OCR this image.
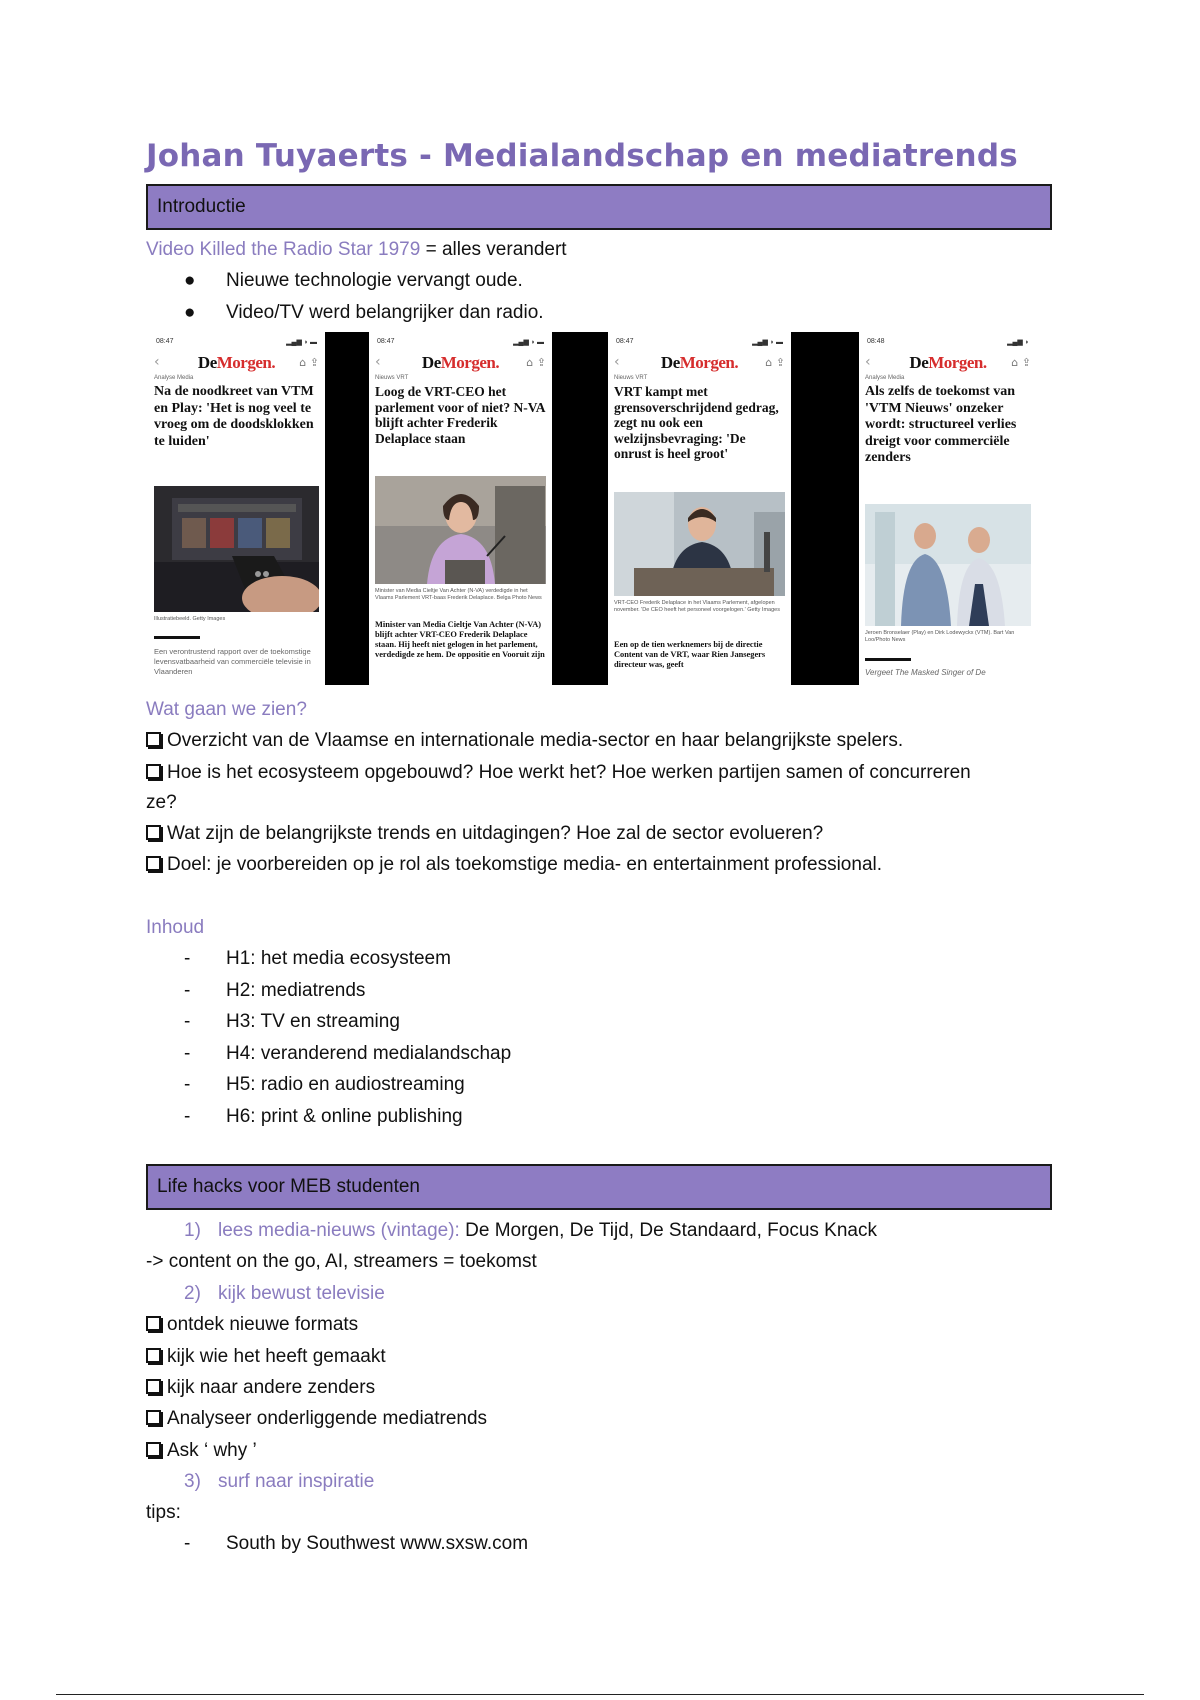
Johan Tuyaerts - Medialandschap en mediatrends
Introductie
Video Killed the Radio Star 1979 = alles verandert
● Nieuwe technologie vervangt oude.
● Video/TV werd belangrijker dan radio.
08:47	▂▄▆ ◗ ▬
‹ DeMorgen. ⌂ ⇪
Analyse Media
Na de noodkreet van VTM en Play: 'Het is nog veel te vroeg om de doodsklokken te luiden'
Illustratiebeeld. Getty Images
Een verontrustend rapport over de toekomstige levensvatbaarheid van commerciële televisie in Vlaanderen
08:47	▂▄▆ ◗ ▬
‹ DeMorgen. ⌂ ⇪
Nieuws VRT
Loog de VRT-CEO het parlement voor of niet? N-VA blijft achter Frederik Delaplace staan
Minister van Media Cieltje Van Achter (N-VA) verdedigde in het Vlaams Parlement VRT-baas Frederik Delaplace. Belga Photo News
Minister van Media Cieltje Van Achter (N-VA) blijft achter VRT-CEO Frederik Delaplace staan. Hij heeft niet gelogen in het parlement, verdedigde ze hem. De oppositie en Vooruit zijn
08:47	▂▄▆ ◗ ▬
‹ DeMorgen. ⌂ ⇪
Nieuws VRT
VRT kampt met grensoverschrijdend gedrag, zegt nu ook een welzijnsbevraging: 'De onrust is heel groot'
VRT-CEO Frederik Delaplace in het Vlaams Parlement, afgelopen november. 'De CEO heeft het personeel voorgelogen.' Getty Images
Een op de tien werknemers bij de directie Content van de VRT, waar Rien Jansegers directeur was, geeft
08:48	▂▄▆ ◗
‹ DeMorgen. ⌂ ⇪
Analyse Media
Als zelfs de toekomst van 'VTM Nieuws' onzeker wordt: structureel verlies dreigt voor commerciële zenders
Jeroen Bronselaer (Play) en Dirk Lodewyckx (VTM). Bart Van Loo/Photo News
Vergeet The Masked Singer of De
Wat gaan we zien?
Overzicht van de Vlaamse en internationale media-sector en haar belangrijkste spelers.
Hoe is het ecosysteem opgebouwd? Hoe werkt het? Hoe werken partijen samen of concurreren
ze?
Wat zijn de belangrijkste trends en uitdagingen? Hoe zal de sector evolueren?
Doel: je voorbereiden op je rol als toekomstige media- en entertainment professional.
Inhoud
- H1: het media ecosysteem
- H2: mediatrends
- H3: TV en streaming
- H4: veranderend medialandschap
- H5: radio en audiostreaming
- H6: print & online publishing
Life hacks voor MEB studenten
1) lees media-nieuws (vintage): De Morgen, De Tijd, De Standaard, Focus Knack
-> content on the go, AI, streamers = toekomst
2) kijk bewust televisie
ontdek nieuwe formats
kijk wie het heeft gemaakt
kijk naar andere zenders
Analyseer onderliggende mediatrends
Ask ‘ why ’
3) surf naar inspiratie
tips:
- South by Southwest www.sxsw.com
